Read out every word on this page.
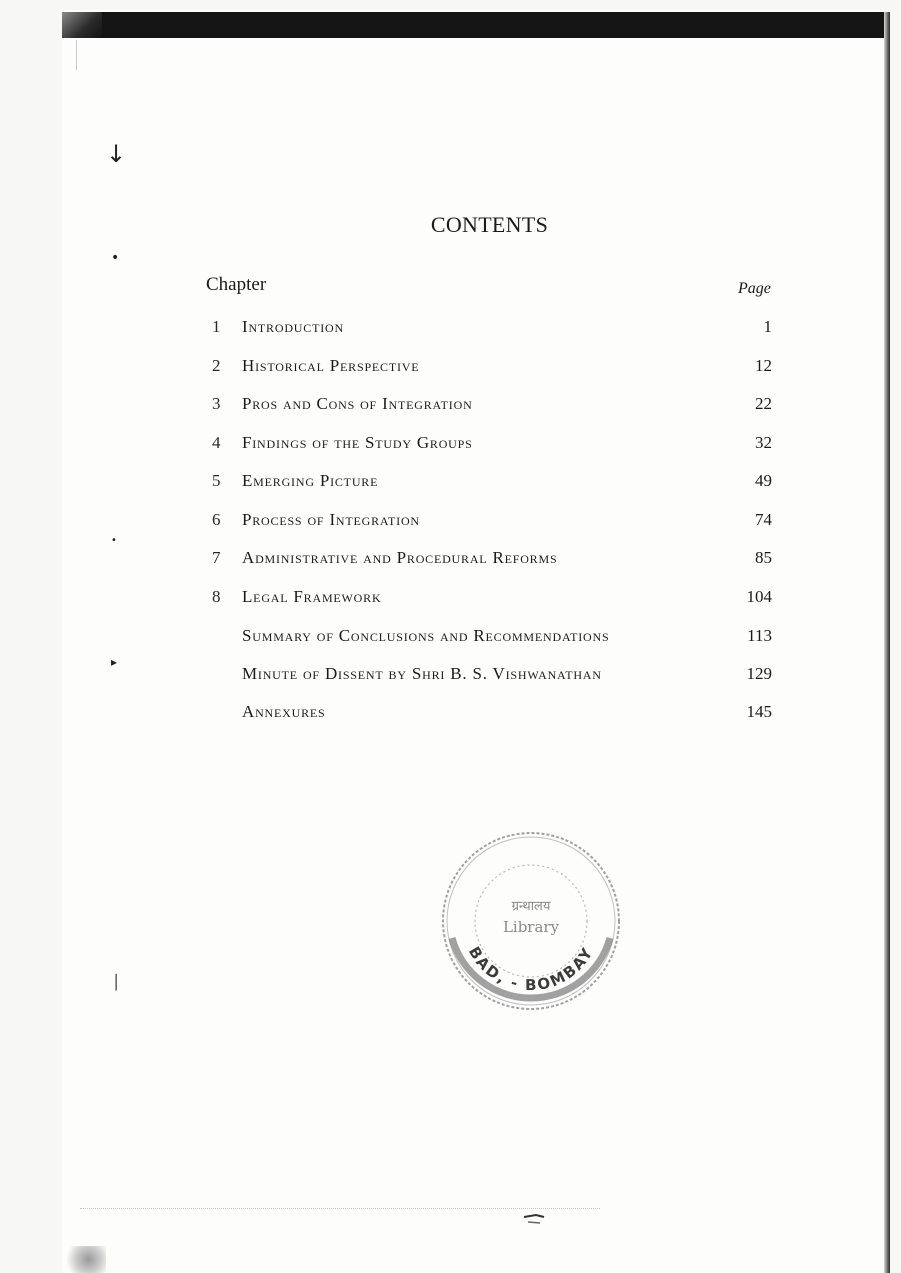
↓
•
•
▸
│
CONTENTS
Chapter	Page
1 Introduction	1
2 Historical Perspective	12
3 Pros and Cons of Integration	22
4 Findings of the Study Groups	32
5 Emerging Picture	49
6 Process of Integration	74
7 Administrative and Procedural Reforms	85
8 Legal Framework	104
Summary of Conclusions and Recommendations	113
Minute of Dissent by Shri B. S. Vishwanathan	129
Annexures	145
BAD, - BOMBAY
ग्रन्थालय
Library
